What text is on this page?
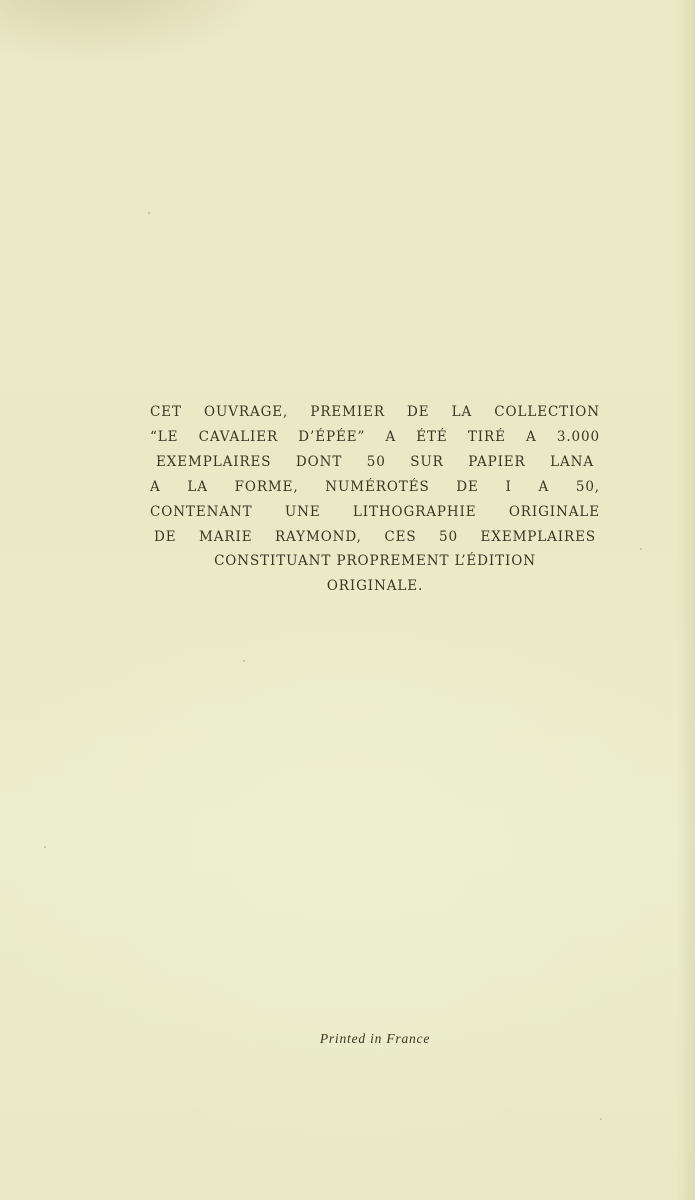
CET OUVRAGE, PREMIER DE LA COLLECTION
“LE CAVALIER D’ÉPÉE” A ÉTÉ TIRÉ A 3.000
EXEMPLAIRES DONT 50 SUR PAPIER LANA
A LA FORME, NUMÉROTÉS DE I A 50,
CONTENANT UNE LITHOGRAPHIE ORIGINALE
DE MARIE RAYMOND, CES 50 EXEMPLAIRES
CONSTITUANT PROPREMENT L’ÉDITION
ORIGINALE.

Printed in France
